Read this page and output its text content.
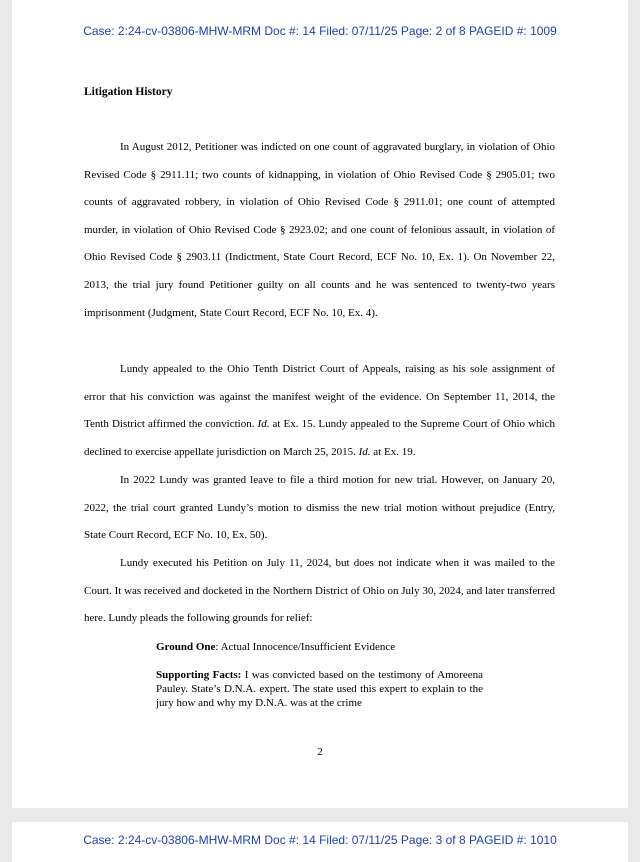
Case: 2:24-cv-03806-MHW-MRM Doc #: 14 Filed: 07/11/25 Page: 2 of 8 PAGEID #: 1009
Litigation History

In August 2012, Petitioner was indicted on one count of aggravated burglary, in violation of Ohio Revised Code § 2911.11; two counts of kidnapping, in violation of Ohio Revised Code § 2905.01; two counts of aggravated robbery, in violation of Ohio Revised Code § 2911.01; one count of attempted murder, in violation of Ohio Revised Code § 2923.02; and one count of felonious assault, in violation of Ohio Revised Code § 2903.11 (Indictment, State Court Record, ECF No. 10, Ex. 1). On November 22, 2013, the trial jury found Petitioner guilty on all counts and he was sentenced to twenty-two years imprisonment (Judgment, State Court Record, ECF No. 10, Ex. 4).

Lundy appealed to the Ohio Tenth District Court of Appeals, raising as his sole assignment of error that his conviction was against the manifest weight of the evidence. On September 11, 2014, the Tenth District affirmed the conviction. Id. at Ex. 15. Lundy appealed to the Supreme Court of Ohio which declined to exercise appellate jurisdiction on March 25, 2015. Id. at Ex. 19.

In 2022 Lundy was granted leave to file a third motion for new trial. However, on January 20, 2022, the trial court granted Lundy’s motion to dismiss the new trial motion without prejudice (Entry, State Court Record, ECF No. 10, Ex. 50).

Lundy executed his Petition on July 11, 2024, but does not indicate when it was mailed to the Court. It was received and docketed in the Northern District of Ohio on July 30, 2024, and later transferred here. Lundy pleads the following grounds for relief:

Ground One: Actual Innocence/Insufficient Evidence
Supporting Facts: I was convicted based on the testimony of Amoreena Pauley. State’s D.N.A. expert. The state used this expert to explain to the jury how and why my D.N.A. was at the crime
2
Case: 2:24-cv-03806-MHW-MRM Doc #: 14 Filed: 07/11/25 Page: 3 of 8 PAGEID #: 1010
